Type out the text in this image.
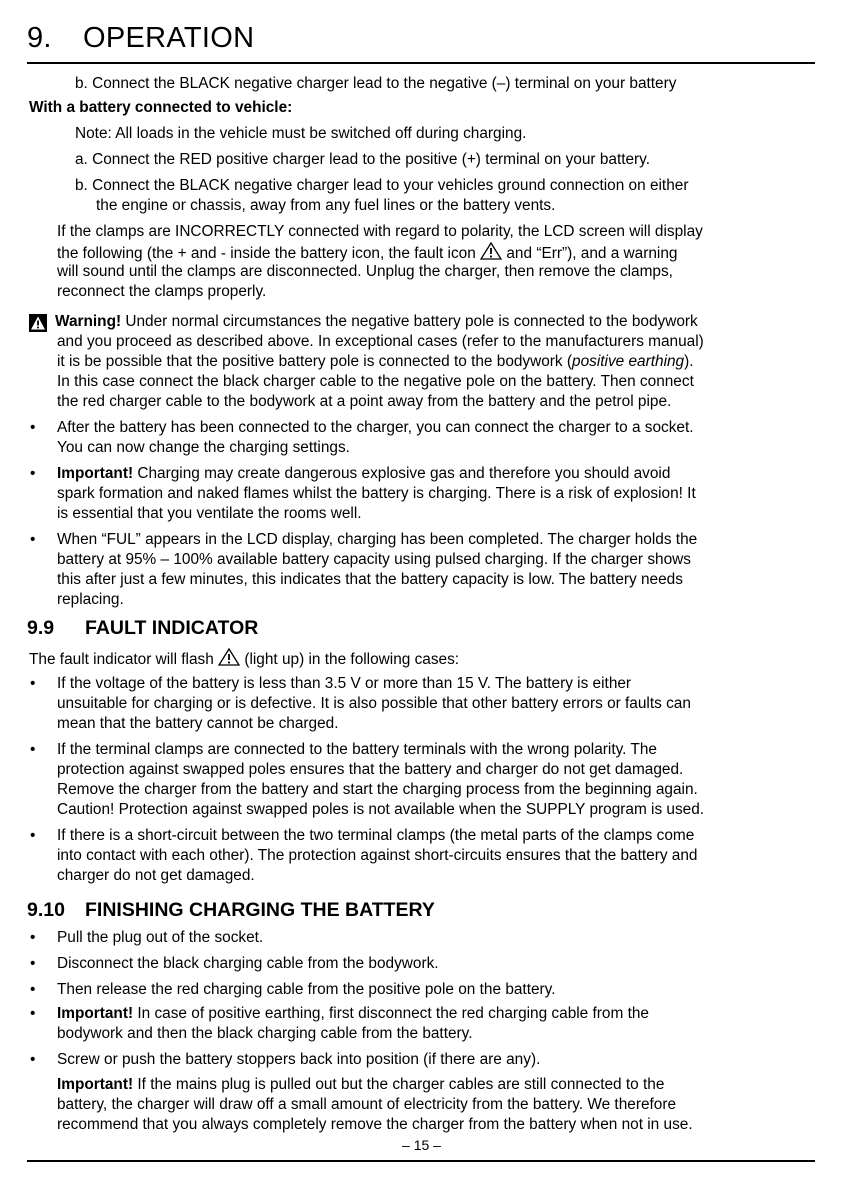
9. OPERATION
b. Connect the BLACK negative charger lead to the negative (–) terminal on your battery
With a battery connected to vehicle:
Note: All loads in the vehicle must be switched off during charging.
a. Connect the RED positive charger lead to the positive (+) terminal on your battery.
b. Connect the BLACK negative charger lead to your vehicles ground connection on either
the engine or chassis, away from any fuel lines or the battery vents.
If the clamps are INCORRECTLY connected with regard to polarity, the LCD screen will display
the following (the + and - inside the battery icon, the fault icon and “Err”), and a warning
will sound until the clamps are disconnected. Unplug the charger, then remove the clamps,
reconnect the clamps properly.
Warning! Under normal circumstances the negative battery pole is connected to the bodywork
and you proceed as described above. In exceptional cases (refer to the manufacturers manual)
it is be possible that the positive battery pole is connected to the bodywork (positive earthing).
In this case connect the black charger cable to the negative pole on the battery. Then connect
the red charger cable to the bodywork at a point away from the battery and the petrol pipe.
• After the battery has been connected to the charger, you can connect the charger to a socket.
You can now change the charging settings.
• Important! Charging may create dangerous explosive gas and therefore you should avoid
spark formation and naked flames whilst the battery is charging. There is a risk of explosion! It
is essential that you ventilate the rooms well.
• When “FUL” appears in the LCD display, charging has been completed. The charger holds the
battery at 95% – 100% available battery capacity using pulsed charging. If the charger shows
this after just a few minutes, this indicates that the battery capacity is low. The battery needs
replacing.
9.9 FAULT INDICATOR
The fault indicator will flash (light up) in the following cases:
• If the voltage of the battery is less than 3.5 V or more than 15 V. The battery is either
unsuitable for charging or is defective. It is also possible that other battery errors or faults can
mean that the battery cannot be charged.
• If the terminal clamps are connected to the battery terminals with the wrong polarity. The
protection against swapped poles ensures that the battery and charger do not get damaged.
Remove the charger from the battery and start the charging process from the beginning again.
Caution! Protection against swapped poles is not available when the SUPPLY program is used.
• If there is a short-circuit between the two terminal clamps (the metal parts of the clamps come
into contact with each other). The protection against short-circuits ensures that the battery and
charger do not get damaged.
9.10 FINISHING CHARGING THE BATTERY
• Pull the plug out of the socket.
• Disconnect the black charging cable from the bodywork.
• Then release the red charging cable from the positive pole on the battery.
• Important! In case of positive earthing, first disconnect the red charging cable from the
bodywork and then the black charging cable from the battery.
• Screw or push the battery stoppers back into position (if there are any).
Important! If the mains plug is pulled out but the charger cables are still connected to the
battery, the charger will draw off a small amount of electricity from the battery. We therefore
recommend that you always completely remove the charger from the battery when not in use.
– 15 –
